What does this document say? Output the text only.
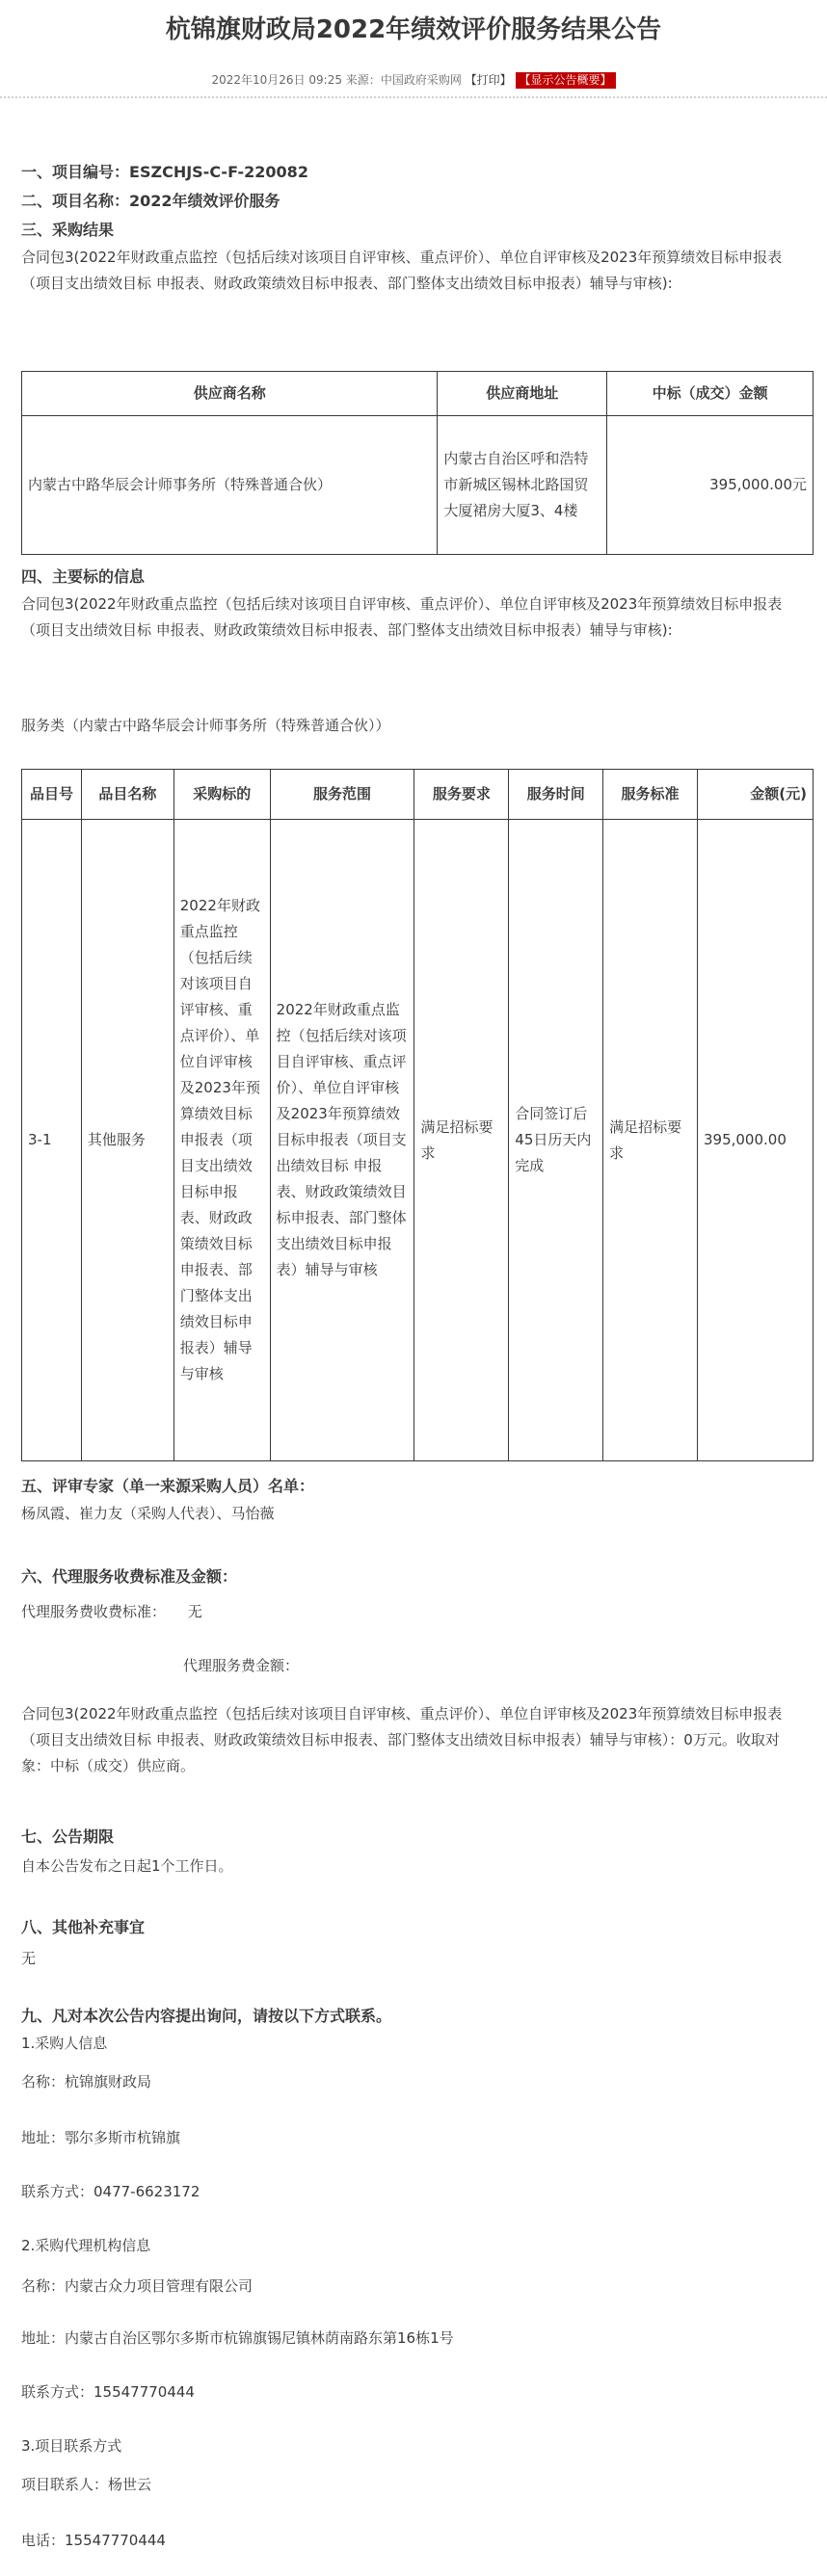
杭锦旗财政局2022年绩效评价服务结果公告
2022年10月26日 09:25 来源：中国政府采购网 【打印】 【显示公告概要】
一、项目编号：ESZCHJS-C-F-220082
二、项目名称：2022年绩效评价服务
三、采购结果
合同包3(2022年财政重点监控（包括后续对该项目自评审核、重点评价）、单位自评审核及2023年预算绩效目标申报表（项目支出绩效目标 申报表、财政政策绩效目标申报表、部门整体支出绩效目标申报表）辅导与审核):
供应商名称	供应商地址	中标（成交）金额
内蒙古中路华辰会计师事务所（特殊普通合伙）	内蒙古自治区呼和浩特市新城区锡林北路国贸大厦裙房大厦3、4楼	395,000.00元
四、主要标的信息
合同包3(2022年财政重点监控（包括后续对该项目自评审核、重点评价）、单位自评审核及2023年预算绩效目标申报表（项目支出绩效目标 申报表、财政政策绩效目标申报表、部门整体支出绩效目标申报表）辅导与审核):
服务类（内蒙古中路华辰会计师事务所（特殊普通合伙））
品目号	品目名称	采购标的	服务范围	服务要求	服务时间	服务标准	金额(元)
3-1	其他服务	2022年财政重点监控（包括后续对该项目自评审核、重点评价）、单位自评审核及2023年预算绩效目标申报表（项目支出绩效目标申报表、财政政策绩效目标申报表、部门整体支出绩效目标申报表）辅导与审核	2022年财政重点监控（包括后续对该项目自评审核、重点评价）、单位自评审核及2023年预算绩效目标申报表（项目支出绩效目标 申报表、财政政策绩效目标申报表、部门整体支出绩效目标申报表）辅导与审核	满足招标要求	合同签订后45日历天内完成	满足招标要求	395,000.00
五、评审专家（单一来源采购人员）名单：
杨凤霞、崔力友（采购人代表）、马怡薇
六、代理服务收费标准及金额：
代理服务费收费标准： 无
代理服务费金额：
合同包3(2022年财政重点监控（包括后续对该项目自评审核、重点评价）、单位自评审核及2023年预算绩效目标申报表（项目支出绩效目标 申报表、财政政策绩效目标申报表、部门整体支出绩效目标申报表）辅导与审核）：0万元。收取对象：中标（成交）供应商。
七、公告期限
自本公告发布之日起1个工作日。
八、其他补充事宜
无
九、凡对本次公告内容提出询问，请按以下方式联系。
1.采购人信息
名称：杭锦旗财政局
地址：鄂尔多斯市杭锦旗
联系方式：0477-6623172
2.采购代理机构信息
名称：内蒙古众力项目管理有限公司
地址：内蒙古自治区鄂尔多斯市杭锦旗锡尼镇林荫南路东第16栋1号
联系方式：15547770444
3.项目联系方式
项目联系人：杨世云
电话：15547770444
